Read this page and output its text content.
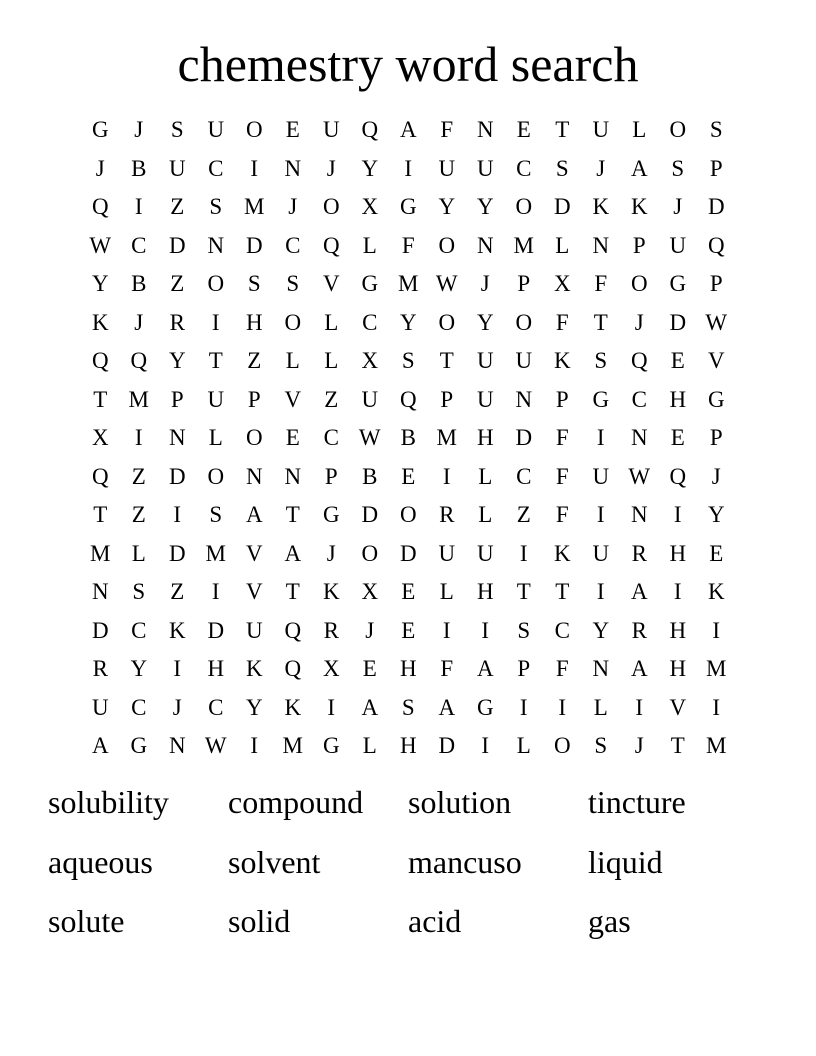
chemestry word search
G	J	S	U O	E	U Q A	F	N	E	T	U	L	O	S
J	B U C	I	N	J	Y	I	U U C	S	J	A	S	P
Q	I	Z	S M	J	O X G Y Y O D K K	J	D
W C D N D C Q	L	F	O N M L	N	P	U Q
Y B	Z	O	S	S	V G M W	J	P	X	F	O G	P
K	J	R	I	H O	L	C Y O Y O	F	T	J	D W
Q Q Y	T	Z	L	L	X	S	T	U U K	S	Q	E	V
T M P	U	P	V	Z	U Q	P	U N	P	G C H G
X	I	N	L	O	E	C W B M H D	F	I	N	E	P
Q	Z	D O N N	P	B	E	I	L	C	F	U W Q	J
T	Z	I	S	A	T	G D O R	L	Z	F	I	N	I	Y
M L	D M V A	J	O D U U	I	K U R H	E
N	S	Z	I	V	T	K X	E	L	H	T	T	I	A	I	K
D C K D U Q R	J	E	I	I	S	C Y R H	I
R Y	I	H K Q X	E	H	F	A	P	F	N A H M
U C	J	C Y K	I	A	S	A G	I	I	L	I	V	I
A G N W	I	M G	L	H D	I	L	O	S	J	T M
solubility	compound	solution	tincture
aqueous	solvent	mancuso	liquid
solute	solid	acid	gas
